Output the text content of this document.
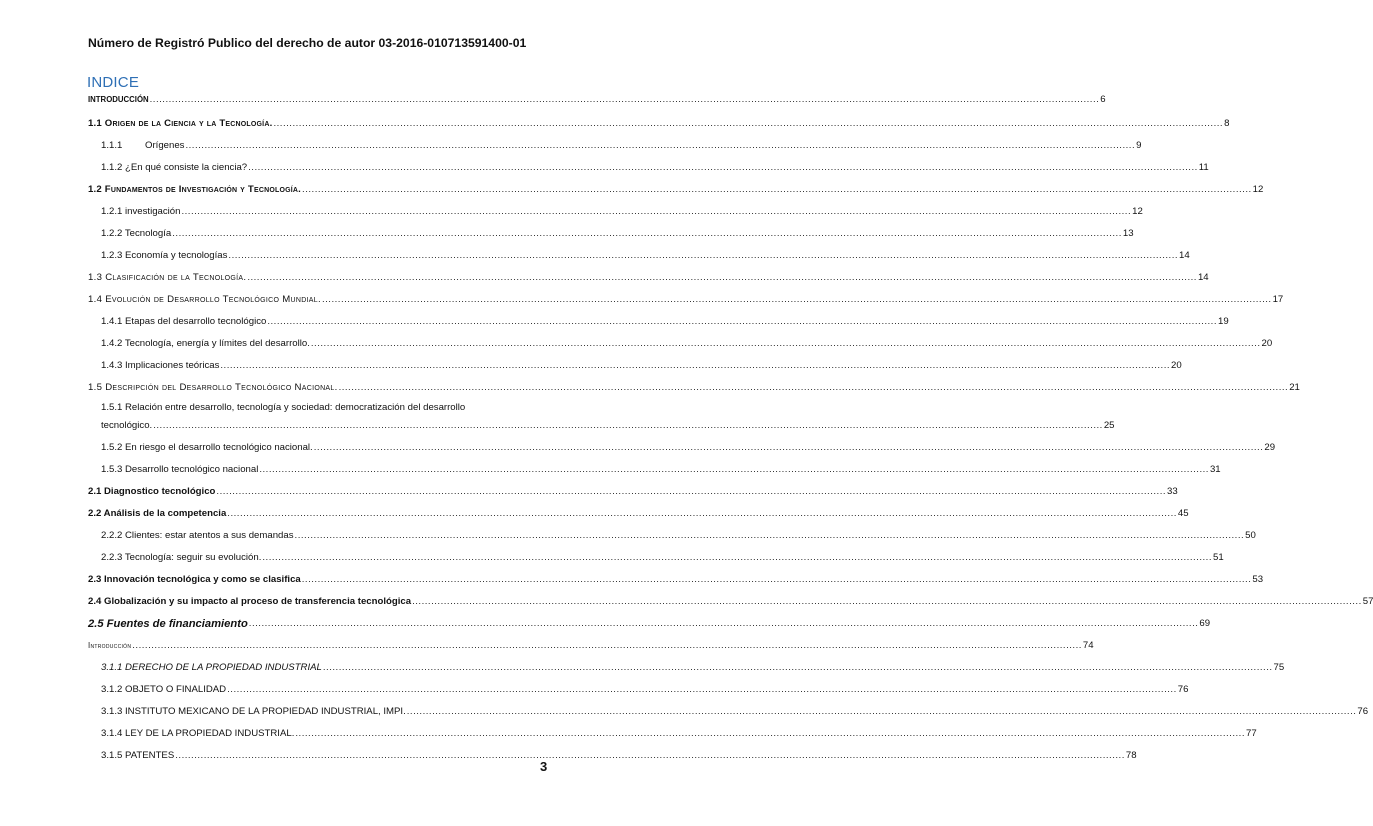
Número de Registró Publico del derecho de autor 03-2016-010713591400-01
INDICE
INTRODUCCIÓN ............................................................................................................................................................................................................................................................................................................ 6
1.1 Origen de la Ciencia y la Tecnología. ............................................................................................................................................................................................................................................................................................................ 8
1.1.1 Orígenes ............................................................................................................................................................................................................................................................................................................ 9
1.1.2 ¿En qué consiste la ciencia? ............................................................................................................................................................................................................................................................................................................ 11
1.2 Fundamentos de Investigación y Tecnología. ............................................................................................................................................................................................................................................................................................................ 12
1.2.1 investigación ............................................................................................................................................................................................................................................................................................................ 12
1.2.2 Tecnología ............................................................................................................................................................................................................................................................................................................ 13
1.2.3 Economía y tecnologías ............................................................................................................................................................................................................................................................................................................ 14
1.3 Clasificación de la Tecnología. ............................................................................................................................................................................................................................................................................................................ 14
1.4 Evolución de Desarrollo Tecnológico Mundial. ............................................................................................................................................................................................................................................................................................................ 17
1.4.1 Etapas del desarrollo tecnológico ............................................................................................................................................................................................................................................................................................................ 19
1.4.2 Tecnología, energía y límites del desarrollo. ............................................................................................................................................................................................................................................................................................................ 20
1.4.3 Implicaciones teóricas ............................................................................................................................................................................................................................................................................................................ 20
1.5 Descripción del Desarrollo Tecnológico Nacional. ............................................................................................................................................................................................................................................................................................................ 21
1.5.1 Relación entre desarrollo, tecnología y sociedad: democratización del desarrollo
tecnológico. ............................................................................................................................................................................................................................................................................................................ 25
1.5.2 En riesgo el desarrollo tecnológico nacional. ............................................................................................................................................................................................................................................................................................................ 29
1.5.3 Desarrollo tecnológico nacional ............................................................................................................................................................................................................................................................................................................ 31
2.1 Diagnostico tecnológico ............................................................................................................................................................................................................................................................................................................ 33
2.2 Análisis de la competencia ............................................................................................................................................................................................................................................................................................................ 45
2.2.2 Clientes: estar atentos a sus demandas ............................................................................................................................................................................................................................................................................................................ 50
2.2.3 Tecnología: seguir su evolución. ............................................................................................................................................................................................................................................................................................................ 51
2.3 Innovación tecnológica y como se clasifica ............................................................................................................................................................................................................................................................................................................ 53
2.4 Globalización y su impacto al proceso de transferencia tecnológica ............................................................................................................................................................................................................................................................................................................ 57
2.5 Fuentes de financiamiento ............................................................................................................................................................................................................................................................................................................ 69
Introducción ............................................................................................................................................................................................................................................................................................................ 74
3.1.1 DERECHO DE LA PROPIEDAD INDUSTRIAL ............................................................................................................................................................................................................................................................................................................ 75
3.1.2 OBJETO O FINALIDAD ............................................................................................................................................................................................................................................................................................................ 76
3.1.3 INSTITUTO MEXICANO DE LA PROPIEDAD INDUSTRIAL, IMPI. ............................................................................................................................................................................................................................................................................................................ 76
3.1.4 LEY DE LA PROPIEDAD INDUSTRIAL. ............................................................................................................................................................................................................................................................................................................ 77
3.1.5 PATENTES ............................................................................................................................................................................................................................................................................................................ 78
3
